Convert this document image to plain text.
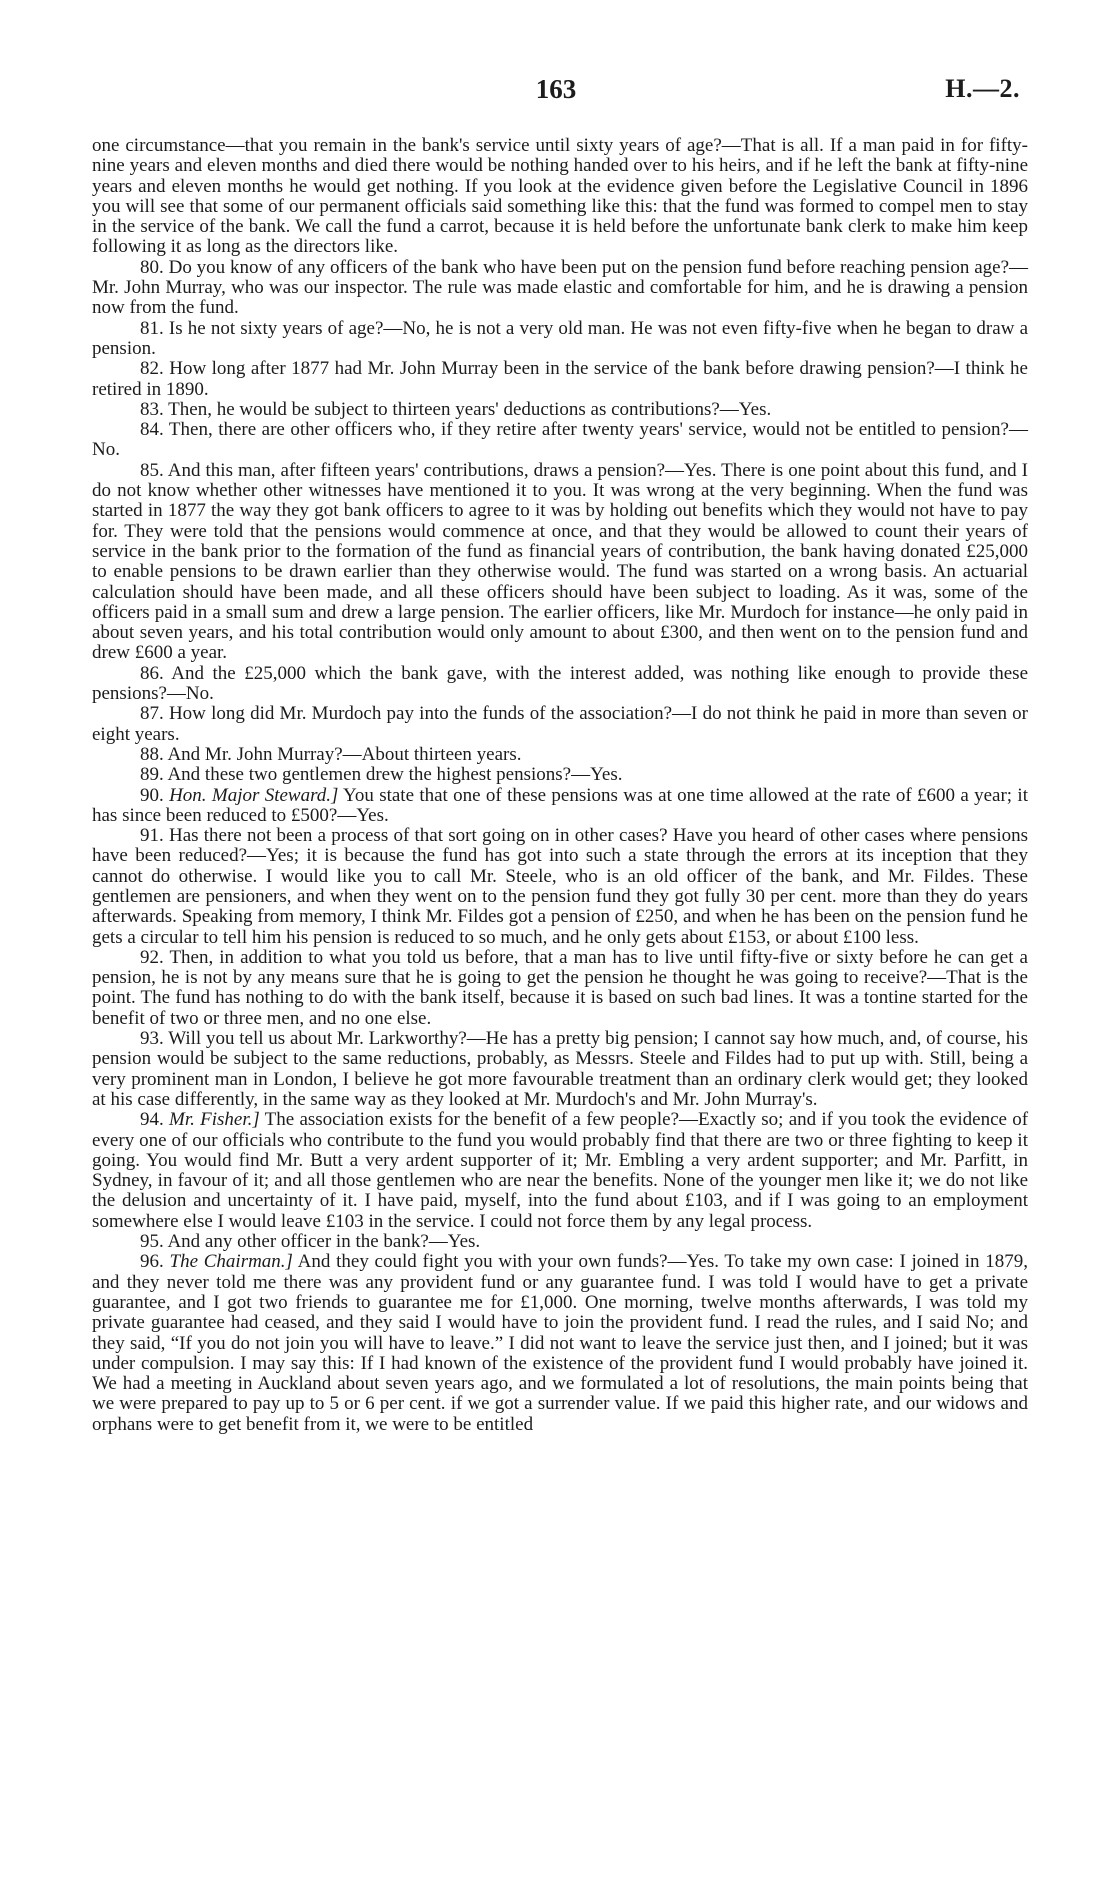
163	H.—2.

one circumstance—that you remain in the bank's service until sixty years of age?—That is all. If a man paid in for fifty-nine years and eleven months and died there would be nothing handed over to his heirs, and if he left the bank at fifty-nine years and eleven months he would get nothing. If you look at the evidence given before the Legislative Council in 1896 you will see that some of our permanent officials said something like this: that the fund was formed to compel men to stay in the service of the bank. We call the fund a carrot, because it is held before the unfortunate bank clerk to make him keep following it as long as the directors like.

80. Do you know of any officers of the bank who have been put on the pension fund before reaching pension age?—Mr. John Murray, who was our inspector. The rule was made elastic and comfortable for him, and he is drawing a pension now from the fund.

81. Is he not sixty years of age?—No, he is not a very old man. He was not even fifty-five when he began to draw a pension.

82. How long after 1877 had Mr. John Murray been in the service of the bank before drawing pension?—I think he retired in 1890.

83. Then, he would be subject to thirteen years' deductions as contributions?—Yes.

84. Then, there are other officers who, if they retire after twenty years' service, would not be entitled to pension?—No.

85. And this man, after fifteen years' contributions, draws a pension?—Yes. There is one point about this fund, and I do not know whether other witnesses have mentioned it to you. It was wrong at the very beginning. When the fund was started in 1877 the way they got bank officers to agree to it was by holding out benefits which they would not have to pay for. They were told that the pensions would commence at once, and that they would be allowed to count their years of service in the bank prior to the formation of the fund as financial years of contribution, the bank having donated £25,000 to enable pensions to be drawn earlier than they otherwise would. The fund was started on a wrong basis. An actuarial calculation should have been made, and all these officers should have been subject to loading. As it was, some of the officers paid in a small sum and drew a large pension. The earlier officers, like Mr. Murdoch for instance—he only paid in about seven years, and his total contribution would only amount to about £300, and then went on to the pension fund and drew £600 a year.

86. And the £25,000 which the bank gave, with the interest added, was nothing like enough to provide these pensions?—No.

87. How long did Mr. Murdoch pay into the funds of the association?—I do not think he paid in more than seven or eight years.

88. And Mr. John Murray?—About thirteen years.

89. And these two gentlemen drew the highest pensions?—Yes.

90. Hon. Major Steward.] You state that one of these pensions was at one time allowed at the rate of £600 a year; it has since been reduced to £500?—Yes.

91. Has there not been a process of that sort going on in other cases? Have you heard of other cases where pensions have been reduced?—Yes; it is because the fund has got into such a state through the errors at its inception that they cannot do otherwise. I would like you to call Mr. Steele, who is an old officer of the bank, and Mr. Fildes. These gentlemen are pensioners, and when they went on to the pension fund they got fully 30 per cent. more than they do years afterwards. Speaking from memory, I think Mr. Fildes got a pension of £250, and when he has been on the pension fund he gets a circular to tell him his pension is reduced to so much, and he only gets about £153, or about £100 less.

92. Then, in addition to what you told us before, that a man has to live until fifty-five or sixty before he can get a pension, he is not by any means sure that he is going to get the pension he thought he was going to receive?—That is the point. The fund has nothing to do with the bank itself, because it is based on such bad lines. It was a tontine started for the benefit of two or three men, and no one else.

93. Will you tell us about Mr. Larkworthy?—He has a pretty big pension; I cannot say how much, and, of course, his pension would be subject to the same reductions, probably, as Messrs. Steele and Fildes had to put up with. Still, being a very prominent man in London, I believe he got more favourable treatment than an ordinary clerk would get; they looked at his case differently, in the same way as they looked at Mr. Murdoch's and Mr. John Murray's.

94. Mr. Fisher.] The association exists for the benefit of a few people?—Exactly so; and if you took the evidence of every one of our officials who contribute to the fund you would probably find that there are two or three fighting to keep it going. You would find Mr. Butt a very ardent supporter of it; Mr. Embling a very ardent supporter; and Mr. Parfitt, in Sydney, in favour of it; and all those gentlemen who are near the benefits. None of the younger men like it; we do not like the delusion and uncertainty of it. I have paid, myself, into the fund about £103, and if I was going to an employment somewhere else I would leave £103 in the service. I could not force them by any legal process.

95. And any other officer in the bank?—Yes.

96. The Chairman.] And they could fight you with your own funds?—Yes. To take my own case: I joined in 1879, and they never told me there was any provident fund or any guarantee fund. I was told I would have to get a private guarantee, and I got two friends to guarantee me for £1,000. One morning, twelve months afterwards, I was told my private guarantee had ceased, and they said I would have to join the provident fund. I read the rules, and I said No; and they said, “If you do not join you will have to leave.” I did not want to leave the service just then, and I joined; but it was under compulsion. I may say this: If I had known of the existence of the provident fund I would probably have joined it. We had a meeting in Auckland about seven years ago, and we formulated a lot of resolutions, the main points being that we were prepared to pay up to 5 or 6 per cent. if we got a surrender value. If we paid this higher rate, and our widows and orphans were to get benefit from it, we were to be entitled
